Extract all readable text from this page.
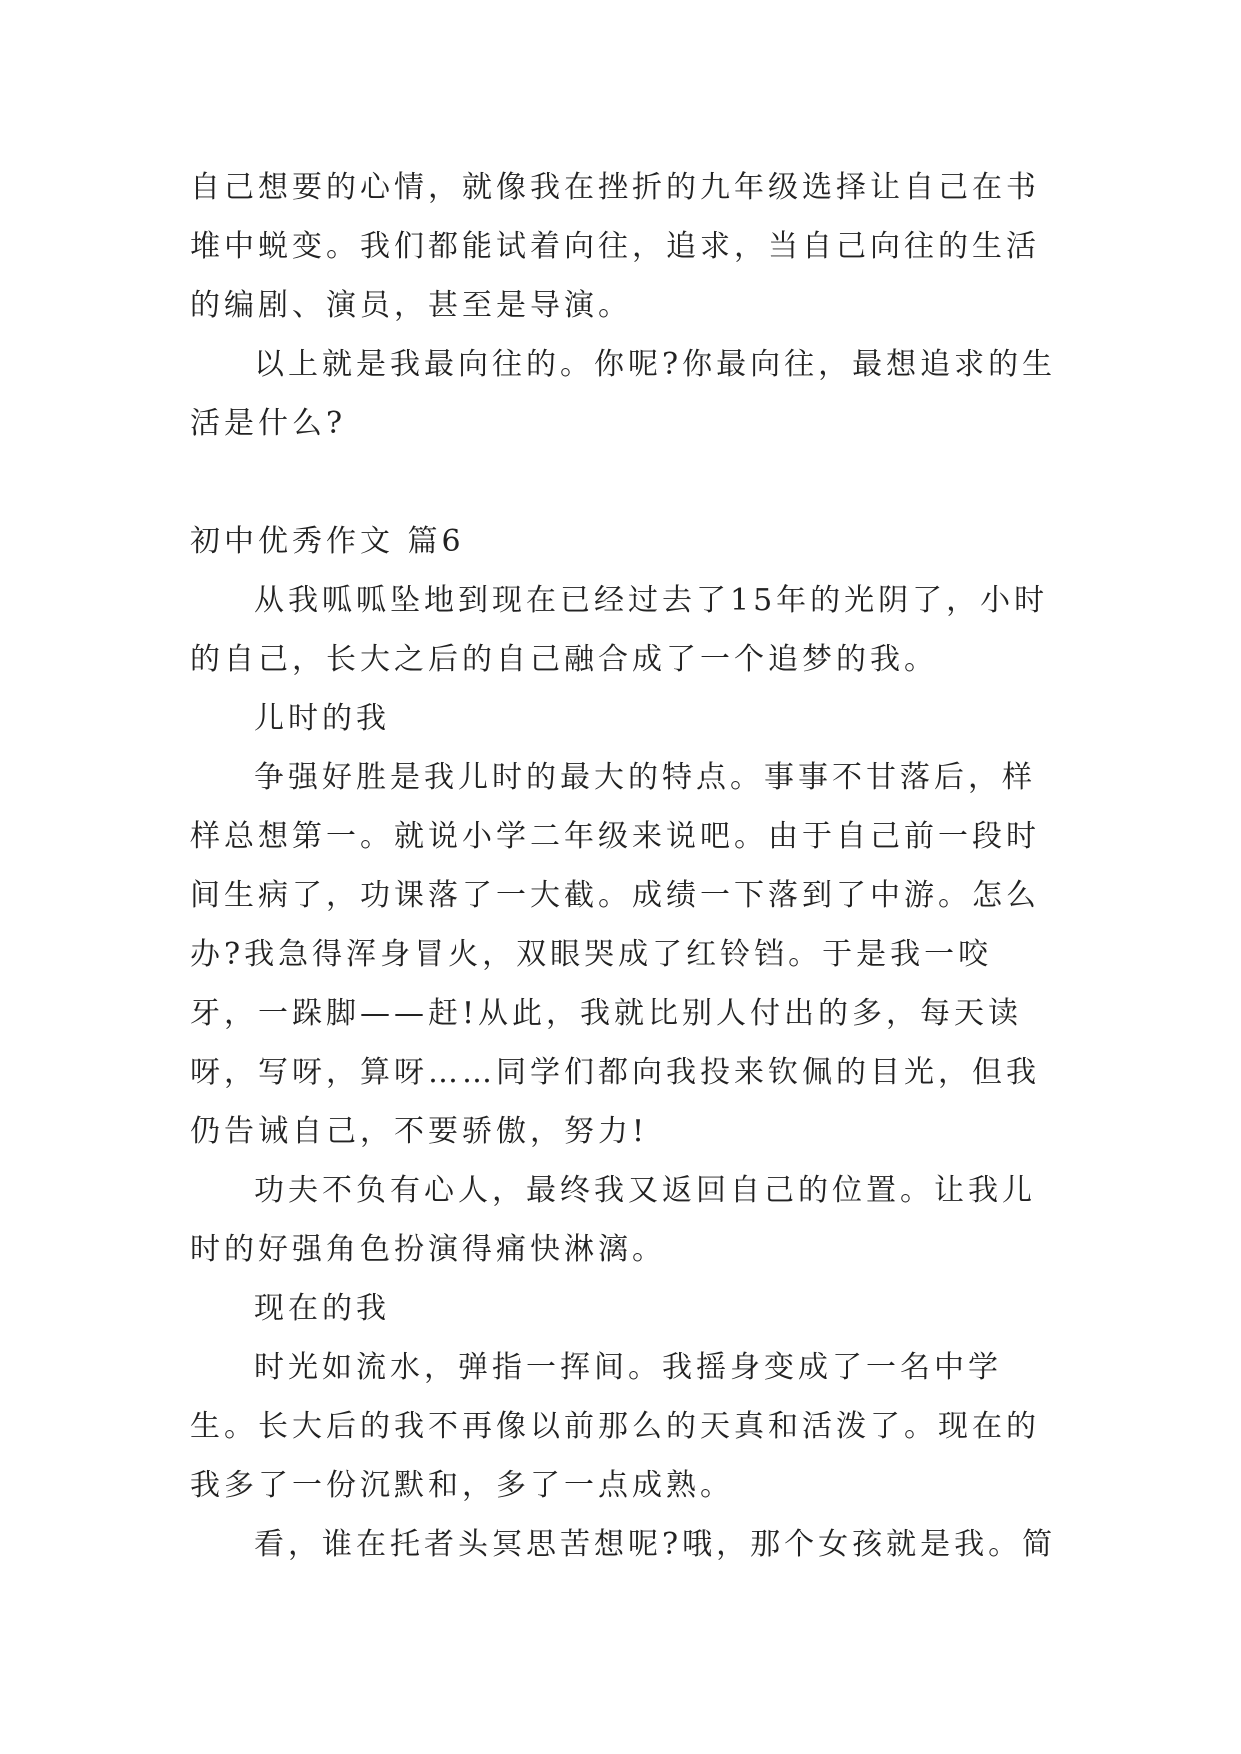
自己想要的心情，就像我在挫折的九年级选择让自己在书堆中蜕变。我们都能试着向往，追求，当自己向往的生活的编剧、演员，甚至是导演。

以上就是我最向往的。你呢?你最向往，最想追求的生活是什么?

初中优秀作文 篇6

从我呱呱坠地到现在已经过去了15年的光阴了，小时的自己，长大之后的自己融合成了一个追梦的我。

儿时的我

争强好胜是我儿时的最大的特点。事事不甘落后，样样总想第一。就说小学二年级来说吧。由于自己前一段时间生病了，功课落了一大截。成绩一下落到了中游。怎么办?我急得浑身冒火，双眼哭成了红铃铛。于是我一咬牙，一跺脚——赶!从此，我就比别人付出的多，每天读呀，写呀，算呀……同学们都向我投来钦佩的目光，但我仍告诫自己，不要骄傲，努力!

功夫不负有心人，最终我又返回自己的位置。让我儿时的好强角色扮演得痛快淋漓。

现在的我

时光如流水，弹指一挥间。我摇身变成了一名中学生。长大后的我不再像以前那么的天真和活泼了。现在的我多了一份沉默和，多了一点成熟。

看，谁在托者头冥思苦想呢?哦，那个女孩就是我。简
